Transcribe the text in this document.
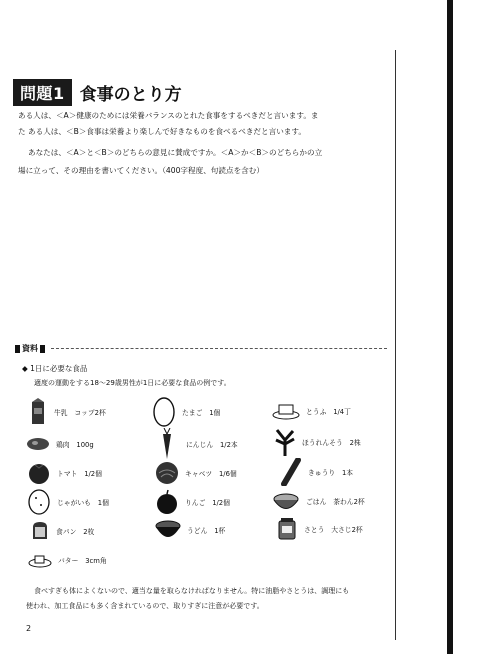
問題1 食事のとり方
ある人は、＜A＞健康のためには栄養バランスのとれた食事をするべきだと言います。ま
た ある人は、＜B＞食事は栄養より楽しんで好きなものを食べるべきだと言います。
あなたは、＜A＞と＜B＞のどちらの意見に賛成ですか。＜A＞か＜B＞のどちらかの立
場に立って、その理由を書いてください。（400字程度、句読点を含む）
資料
◆ 1日に必要な食品
適度の運動をする18〜29歳男性が1日に必要な食品の例です。
牛乳　 コップ2杯	たまご　 1個	とうふ　 1/4丁
鶏肉　 100g	にんじん　 1/2本	ほうれんそう　 2株
トマト　 1/2個	キャベツ　 1/6個	きゅうり　 1本
じゃがいも　 1個	りんご　 1/2個	ごはん　 茶わん2杯
食パン　 2枚	うどん　 1杯	さとう　 大さじ2杯
バター　 3cm角
食べすぎも体によくないので、適当な量を取らなければなりません。特に油脂やさとうは、調理にも
使われ、加工食品にも多く含まれているので、取りすぎに注意が必要です。
2
